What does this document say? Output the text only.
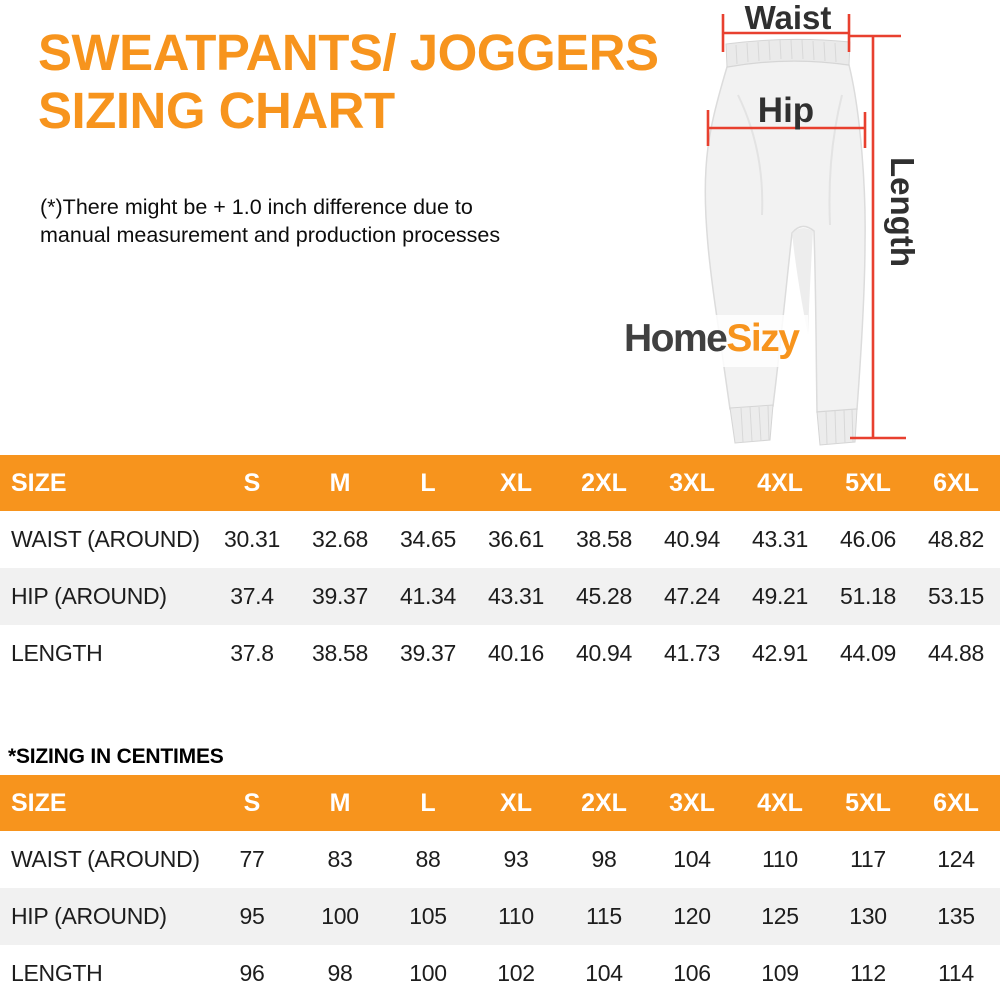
SWEATPANTS/ JOGGERS
SIZING CHART

(*)There might be + 1.0 inch difference due to
manual measurement and production processes

Waist
Hip
Length
HomeSizy
SIZE	S	M	L	XL	2XL	3XL	4XL	5XL	6XL
WAIST (AROUND)	30.31	32.68	34.65	36.61	38.58	40.94	43.31	46.06	48.82
HIP (AROUND)	37.4	39.37	41.34	43.31	45.28	47.24	49.21	51.18	53.15
LENGTH	37.8	38.58	39.37	40.16	40.94	41.73	42.91	44.09	44.88
*SIZING IN CENTIMES
SIZE	S	M	L	XL	2XL	3XL	4XL	5XL	6XL
WAIST (AROUND)	77	83	88	93	98	104	110	117	124
HIP (AROUND)	95	100	105	110	115	120	125	130	135
LENGTH	96	98	100	102	104	106	109	112	114
